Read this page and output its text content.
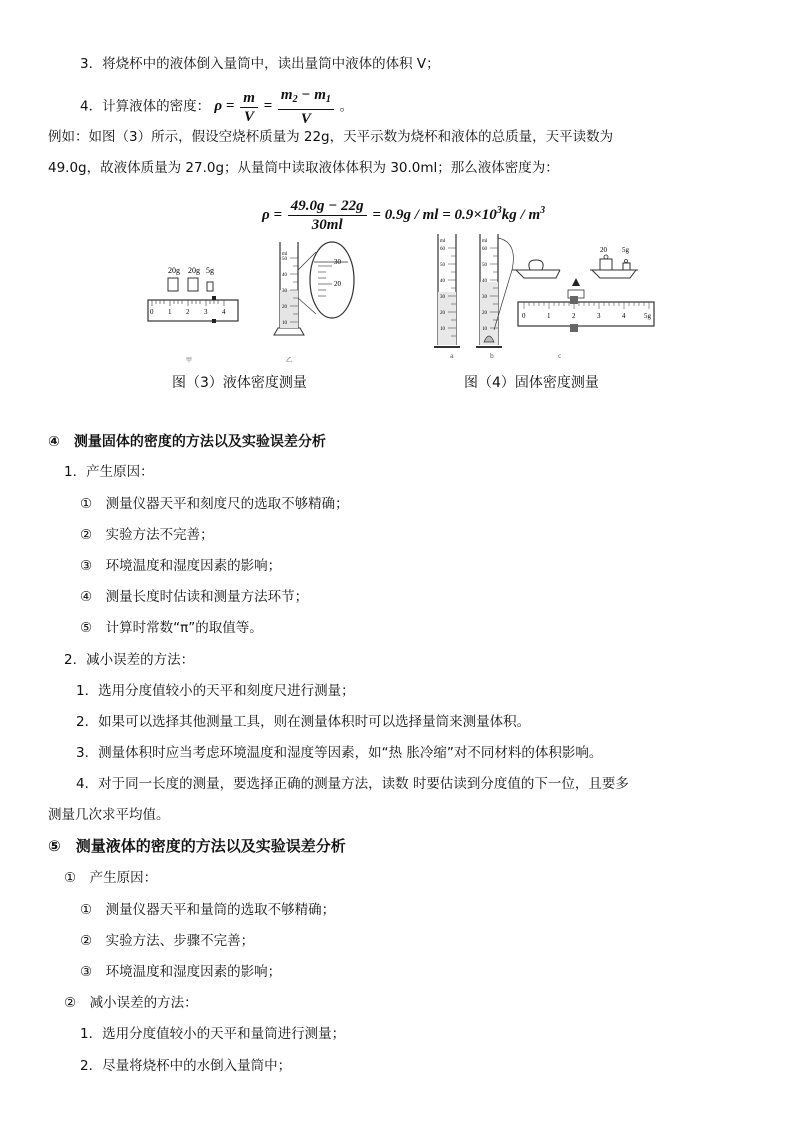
3．将烧杯中的液体倒入量筒中，读出量筒中液体的体积 V；
4．计算液体的密度： $\rho = \frac{m}{V} = \frac{m_2 - m_1}{V}$ 。
例如：如图（3）所示，假设空烧杯质量为 22g，天平示数为烧杯和液体的总质量，天平读数为
49.0g，故液体质量为 27.0g；从量筒中读取液体体积为 30.0ml；那么液体密度为：
$\rho = \frac{49.0g - 22g}{30ml} = 0.9g$ / ml = $0.9\times 10^3kg / m^3$
20g 20g 5g
0 1 2 3 4
ml
50
40
30
20
10
30
20
甲	乙
ml
60
50
40
30
20
10
ml
60
50
40
30
20
10
20 5g
0	1	2	3	4	5g
a	b	c
图（3）液体密度测量	图（4）固体密度测量
④　测量固体的密度的方法以及实验误差分析
1．产生原因：
①　测量仪器天平和刻度尺的选取不够精确；
②　实验方法不完善；
③　环境温度和湿度因素的影响；
④　测量长度时估读和测量方法环节；
⑤　计算时常数“π”的取值等。
2．减小误差的方法：
1．选用分度值较小的天平和刻度尺进行测量；
2．如果可以选择其他测量工具，则在测量体积时可以选择量筒来测量体积。
3．测量体积时应当考虑环境温度和湿度等因素，如“热 胀冷缩”对不同材料的体积影响。
4．对于同一长度的测量，要选择正确的测量方法，读数 时要估读到分度值的下一位，且要多
测量几次求平均值。
⑤　测量液体的密度的方法以及实验误差分析
①　产生原因：
①　测量仪器天平和量筒的选取不够精确；
②　实验方法、步骤不完善；
③　环境温度和湿度因素的影响；
②　减小误差的方法：
1．选用分度值较小的天平和量筒进行测量；
2．尽量将烧杯中的水倒入量筒中；
